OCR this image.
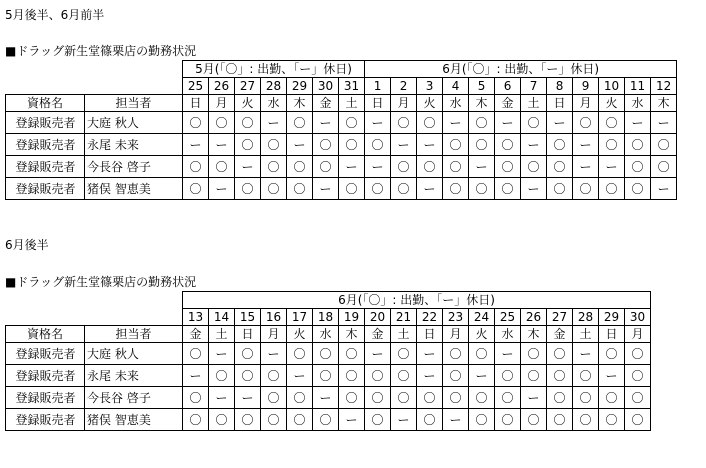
5月後半、6月前半
■ドラッグ新生堂篠栗店の勤務状況
		5月(「〇」: 出勤、「ー」休日)							6月(「〇」: 出勤、「ー」休日)											
		25	26	27	28	29	30	31	1	2	3	4	5	6	7	8	9	10	11	12
資格名	担当者	日	月	火	水	木	金	土	日	月	火	水	木	金	土	日	月	火	水	木
登録販売者	大庭 秋人	〇	〇	〇	ー	〇	ー	〇	ー	〇	〇	ー	〇	ー	〇	ー	〇	〇	ー	ー
登録販売者	永尾 未来	ー	ー	〇	〇	ー	〇	〇	〇	ー	ー	〇	〇	〇	ー	〇	ー	〇	〇	〇
登録販売者	今長谷 啓子	〇	〇	ー	〇	〇	〇	ー	ー	〇	〇	〇	ー	〇	〇	〇	ー	ー	〇	〇
登録販売者	猪俣 智恵美	〇	ー	〇	〇	〇	ー	〇	〇	〇	ー	〇	〇	〇	ー	〇	〇	〇	〇	ー
6月後半
■ドラッグ新生堂篠栗店の勤務状況
		6月(「〇」: 出勤、「ー」休日)																	
		13	14	15	16	17	18	19	20	21	22	23	24	25	26	27	28	29	30
資格名	担当者	金	土	日	月	火	水	木	金	土	日	月	火	水	木	金	土	日	月
登録販売者	大庭 秋人	〇	ー	〇	ー	〇	〇	〇	ー	〇	ー	〇	〇	ー	〇	〇	ー	〇	〇
登録販売者	永尾 未来	ー	〇	〇	〇	ー	〇	〇	〇	〇	ー	〇	ー	〇	〇	〇	〇	ー	〇
登録販売者	今長谷 啓子	〇	ー	ー	〇	〇	ー	〇	〇	〇	〇	〇	〇	〇	ー	〇	〇	〇	〇
登録販売者	猪俣 智恵美	〇	〇	〇	〇	〇	〇	ー	〇	ー	〇	ー	〇	〇	〇	〇	〇	〇	〇
